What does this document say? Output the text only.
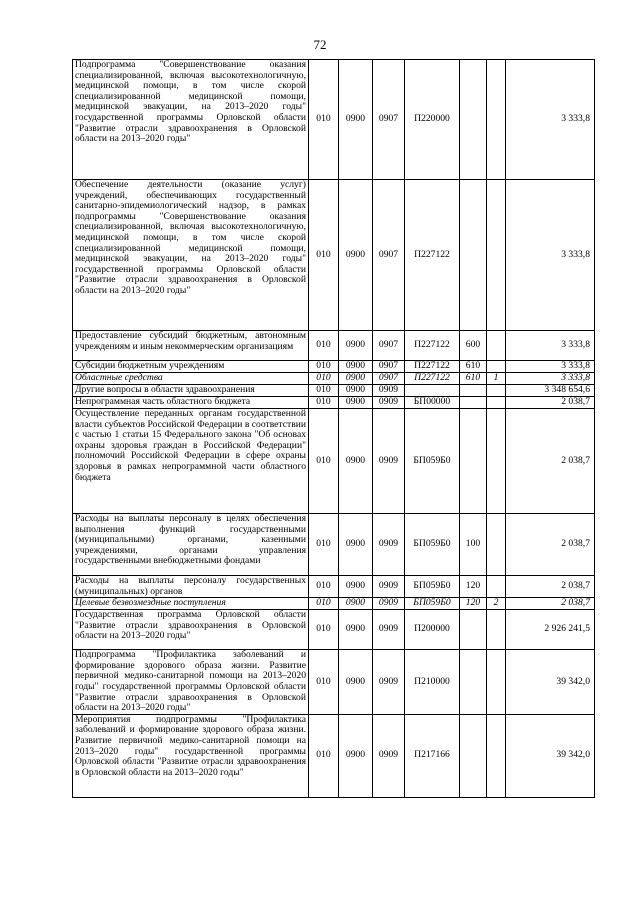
72
Подпрограмма "Совершенствование оказания специализированной, включая высокотехнологичную, медицинской помощи, в том числе скорой специализированной медицинской помощи, медицинской эвакуации, на 2013–2020 годы" государственной программы Орловской области "Развитие отрасли здравоохранения в Орловской области на 2013–2020 годы"	010	0900	0907	П220000			3 333,8
Обеспечение деятельности (оказание услуг) учреждений, обеспечивающих государственный санитарно-эпидемиологический надзор, в рамках подпрограммы "Совершенствование оказания специализированной, включая высокотехнологичную, медицинской помощи, в том числе скорой специализированной медицинской помощи, медицинской эвакуации, на 2013–2020 годы" государственной программы Орловской области "Развитие отрасли здравоохранения в Орловской области на 2013–2020 годы"	010	0900	0907	П227122			3 333,8
Предоставление субсидий бюджетным, автономным учреждениям и иным некоммерческим организациям	010	0900	0907	П227122	600		3 333,8
Субсидии бюджетным учреждениям	010	0900	0907	П227122	610		3 333,8
Областные средства	010	0900	0907	П227122	610	1	3 333,8
Другие вопросы в области здравоохранения	010	0900	0909				3 348 654,6
Непрограммная часть областного бюджета	010	0900	0909	БП00000			2 038,7
Осуществление переданных органам государственной власти субъектов Российской Федерации в соответствии с частью 1 статьи 15 Федерального закона "Об основах охраны здоровья граждан в Российской Федерации" полномочий Российской Федерации в сфере охраны здоровья в рамках непрограммной части областного бюджета	010	0900	0909	БП059Б0			2 038,7
Расходы на выплаты персоналу в целях обеспечения выполнения функций государственными (муниципальными) органами, казенными учреждениями, органами управления государственными внебюджетными фондами	010	0900	0909	БП059Б0	100		2 038,7
Расходы на выплаты персоналу государственных (муниципальных) органов	010	0900	0909	БП059Б0	120		2 038,7
Целевые безвозмездные поступления	010	0900	0909	БП059Б0	120	2	2 038,7
Государственная программа Орловской области "Развитие отрасли здравоохранения в Орловской области на 2013–2020 годы"	010	0900	0909	П200000			2 926 241,5
Подпрограмма "Профилактика заболеваний и формирование здорового образа жизни. Развитие первичной медико-санитарной помощи на 2013–2020 годы" государственной программы Орловской области "Развитие отрасли здравоохранения в Орловской области на 2013–2020 годы"	010	0900	0909	П210000			39 342,0
Мероприятия подпрограммы "Профилактика заболеваний и формирование здорового образа жизни. Развитие первичной медико-санитарной помощи на 2013–2020 годы" государственной программы Орловской области "Развитие отрасли здравоохранения в Орловской области на 2013–2020 годы"	010	0900	0909	П217166			39 342,0
